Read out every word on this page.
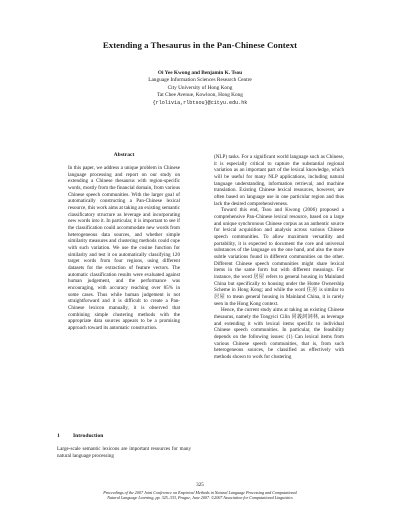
Extending a Thesaurus in the Pan-Chinese Context
Oi Yee Kwong and Benjamin K. Tsou
Language Information Sciences Research Centre
City University of Hong Kong
Tat Chee Avenue, Kowloon, Hong Kong
{rlolivia,rlbtsou}@cityu.edu.hk
Abstract
In this paper, we address a unique problem in Chinese language processing and report on our study on extending a Chinese thesaurus with region-specific words, mostly from the financial domain, from various Chinese speech communities. With the larger goal of automatically constructing a Pan-Chinese lexical resource, this work aims at taking an existing semantic classificatory structure as leverage and incorporating new words into it. In particular, it is important to see if the classification could accommodate new words from heterogeneous data sources, and whether simple similarity measures and clustering methods could cope with such variation. We use the cosine function for similarity and test it on automatically classifying 120 target words from four regions, using different datasets for the extraction of feature vectors. The automatic classification results were evaluated against human judgement, and the performance was encouraging, with accuracy reaching over 85% in some cases. Thus while human judgement is not straightforward and it is difficult to create a Pan-Chinese lexicon manually, it is observed that combining simple clustering methods with the appropriate data sources appears to be a promising approach toward its automatic construction.
1 Introduction
Large-scale semantic lexicons are important resources for many natural language processing

(NLP) tasks. For a significant world language such as Chinese, it is especially critical to capture the substantial regional variation as an important part of the lexical knowledge, which will be useful for many NLP applications, including natural language understanding, information retrieval, and machine translation. Existing Chinese lexical resources, however, are often based on language use in one particular region and thus lack the desired comprehensiveness.

Toward this end, Tsou and Kwong (2006) proposed a comprehensive Pan-Chinese lexical resource, based on a large and unique synchronous Chinese corpus as an authentic source for lexical acquisition and analysis across various Chinese speech communities. To allow maximum versatility and portability, it is expected to document the core and universal substances of the language on the one hand, and also the more subtle variations found in different communities on the other. Different Chinese speech communities might share lexical items in the same form but with different meanings. For instance, the word 居屋 refers to general housing in Mainland China but specifically to housing under the Home Ownership Scheme in Hong Kong; and while the word 住房 is similar to 居屋 to mean general housing in Mainland China, it is rarely seen in the Hong Kong context.

Hence, the current study aims at taking an existing Chinese thesaurus, namely the Tongyici Cilin 同義詞詞林, as leverage and extending it with lexical items specific to individual Chinese speech communities. In particular, the feasibility depends on the following issues: (1) Can lexical items from various Chinese speech communities, that is, from such heterogeneous sources, be classified as effectively with methods shown to work for clustering

325
Proceedings of the 2007 Joint Conference on Empirical Methods in Natural Language Processing and Computational
Natural Language Learning, pp. 325–333, Prague, June 2007. ©2007 Association for Computational Linguistics
